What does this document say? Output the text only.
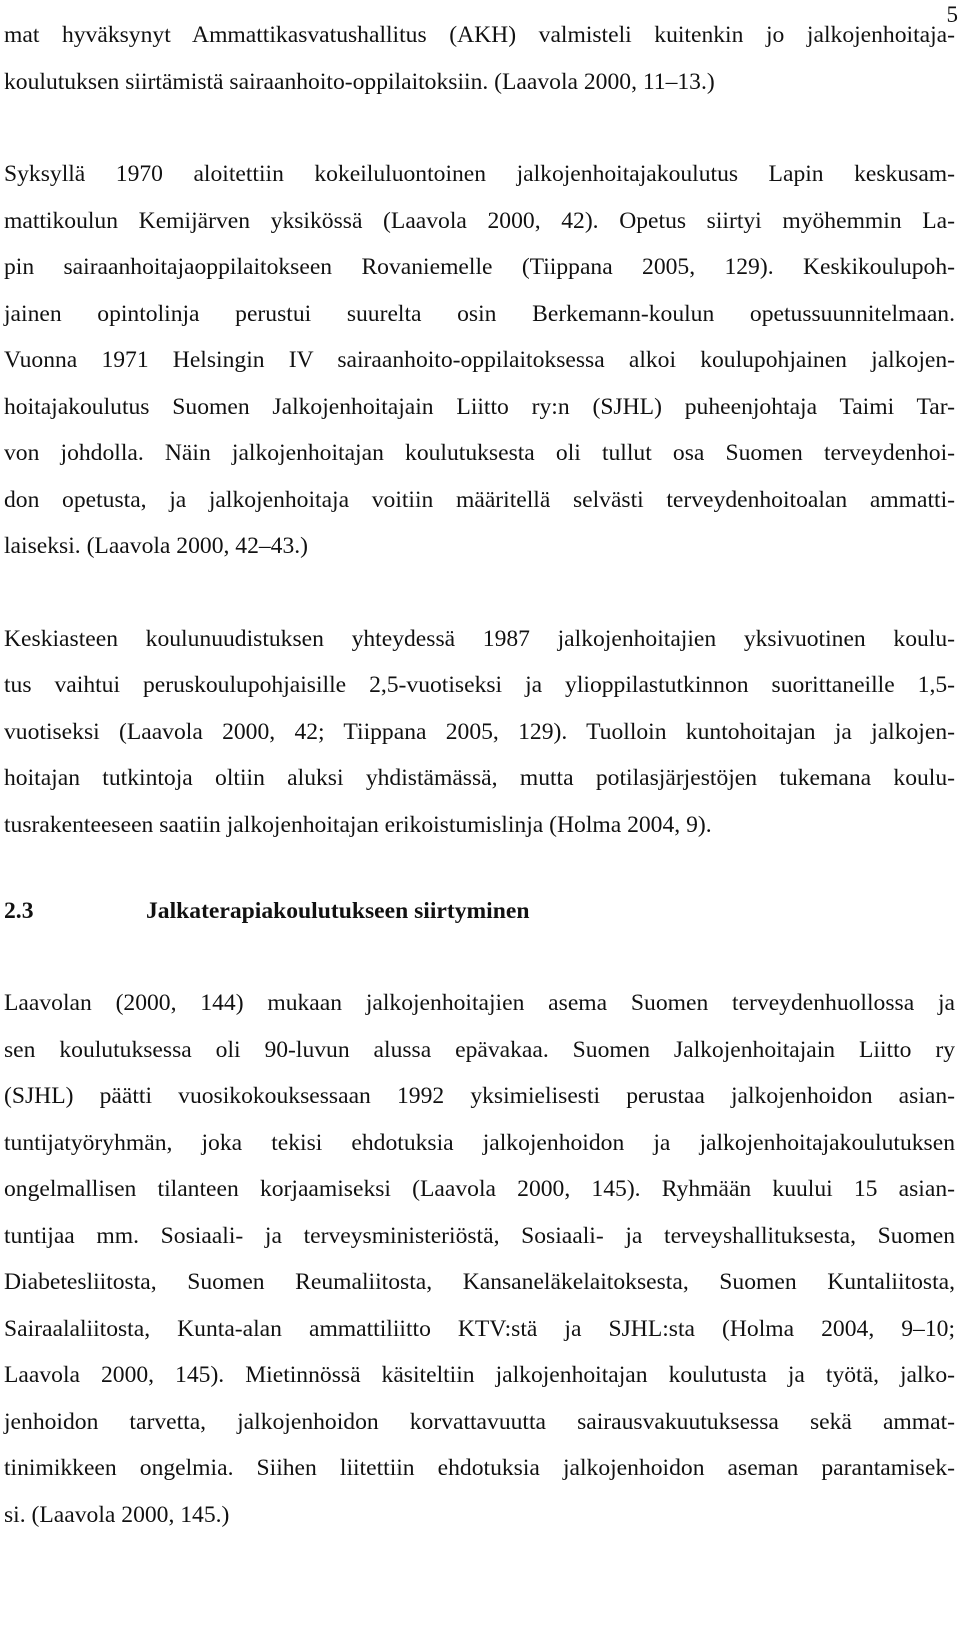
5
mat hyväksynyt Ammattikasvatushallitus (AKH) valmisteli kuitenkin jo jalkojenhoitaja-
koulutuksen siirtämistä sairaanhoito-oppilaitoksiin. (Laavola 2000, 11–13.)
Syksyllä 1970 aloitettiin kokeiluluontoinen jalkojenhoitajakoulutus Lapin keskusam-
mattikoulun Kemijärven yksikössä (Laavola 2000, 42). Opetus siirtyi myöhemmin La-
pin sairaanhoitajaoppilaitokseen Rovaniemelle (Tiippana 2005, 129). Keskikoulupoh-
jainen opintolinja perustui suurelta osin Berkemann-koulun opetussuunnitelmaan.
Vuonna 1971 Helsingin IV sairaanhoito-oppilaitoksessa alkoi koulupohjainen jalkojen-
hoitajakoulutus Suomen Jalkojenhoitajain Liitto ry:n (SJHL) puheenjohtaja Taimi Tar-
von johdolla. Näin jalkojenhoitajan koulutuksesta oli tullut osa Suomen terveydenhoi-
don opetusta, ja jalkojenhoitaja voitiin määritellä selvästi terveydenhoitoalan ammatti-
laiseksi. (Laavola 2000, 42–43.)
Keskiasteen koulunuudistuksen yhteydessä 1987 jalkojenhoitajien yksivuotinen koulu-
tus vaihtui peruskoulupohjaisille 2,5-vuotiseksi ja ylioppilastutkinnon suorittaneille 1,5-
vuotiseksi (Laavola 2000, 42; Tiippana 2005, 129). Tuolloin kuntohoitajan ja jalkojen-
hoitajan tutkintoja oltiin aluksi yhdistämässä, mutta potilasjärjestöjen tukemana koulu-
tusrakenteeseen saatiin jalkojenhoitajan erikoistumislinja (Holma 2004, 9).
2.3	Jalkaterapiakoulutukseen siirtyminen
Laavolan (2000, 144) mukaan jalkojenhoitajien asema Suomen terveydenhuollossa ja
sen koulutuksessa oli 90-luvun alussa epävakaa. Suomen Jalkojenhoitajain Liitto ry
(SJHL) päätti vuosikokouksessaan 1992 yksimielisesti perustaa jalkojenhoidon asian-
tuntijatyöryhmän, joka tekisi ehdotuksia jalkojenhoidon ja jalkojenhoitajakoulutuksen
ongelmallisen tilanteen korjaamiseksi (Laavola 2000, 145). Ryhmään kuului 15 asian-
tuntijaa mm. Sosiaali- ja terveysministeriöstä, Sosiaali- ja terveyshallituksesta, Suomen
Diabetesliitosta, Suomen Reumaliitosta, Kansaneläkelaitoksesta, Suomen Kuntaliitosta,
Sairaalaliitosta, Kunta-alan ammattiliitto KTV:stä ja SJHL:sta (Holma 2004, 9–10;
Laavola 2000, 145). Mietinnössä käsiteltiin jalkojenhoitajan koulutusta ja työtä, jalko-
jenhoidon tarvetta, jalkojenhoidon korvattavuutta sairausvakuutuksessa sekä ammat-
tinimikkeen ongelmia. Siihen liitettiin ehdotuksia jalkojenhoidon aseman parantamisek-
si. (Laavola 2000, 145.)
